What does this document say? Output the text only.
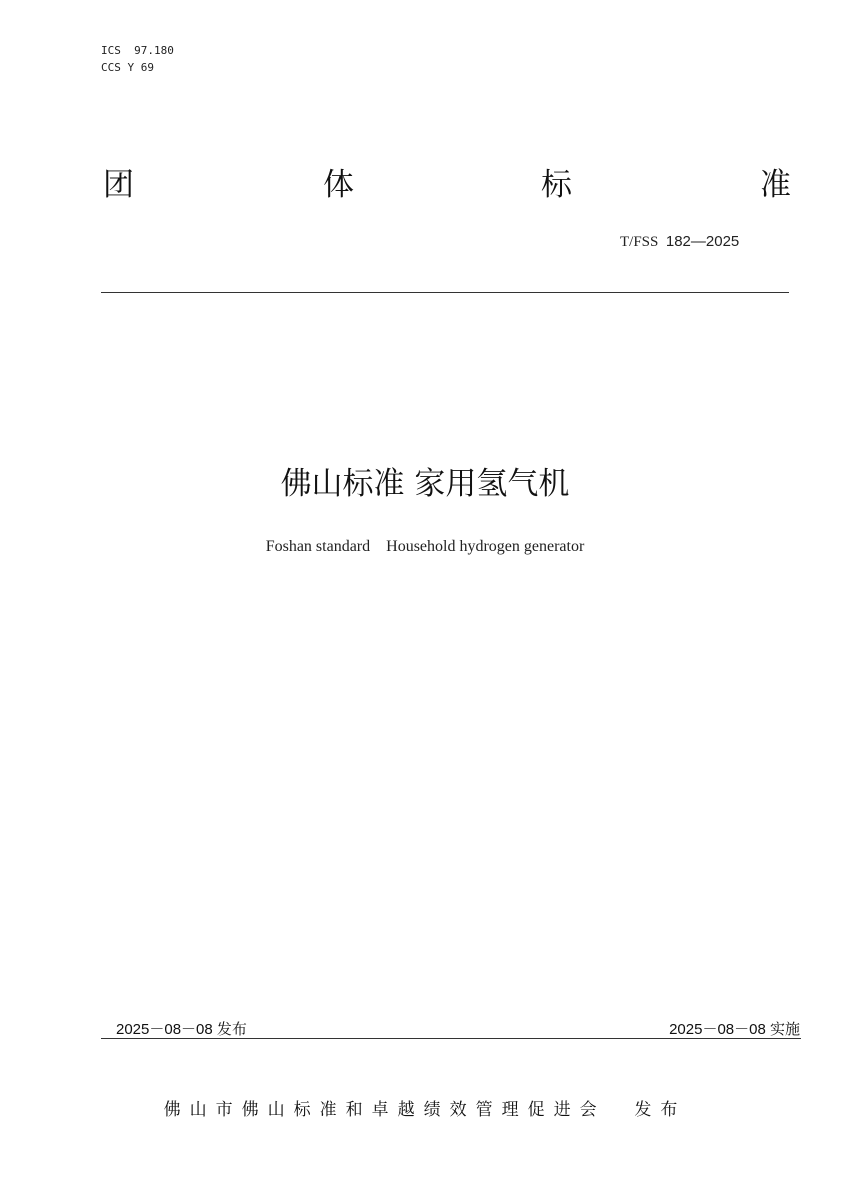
ICS  97.180
CCS Y 69
团	体	标	准
T/FSS  182—2025
佛山标准 家用氢气机
Foshan standard    Household hydrogen generator
2025－08－08 发布	2025－08－08 实施
佛山市佛山标准和卓越绩效管理促进会 发布
